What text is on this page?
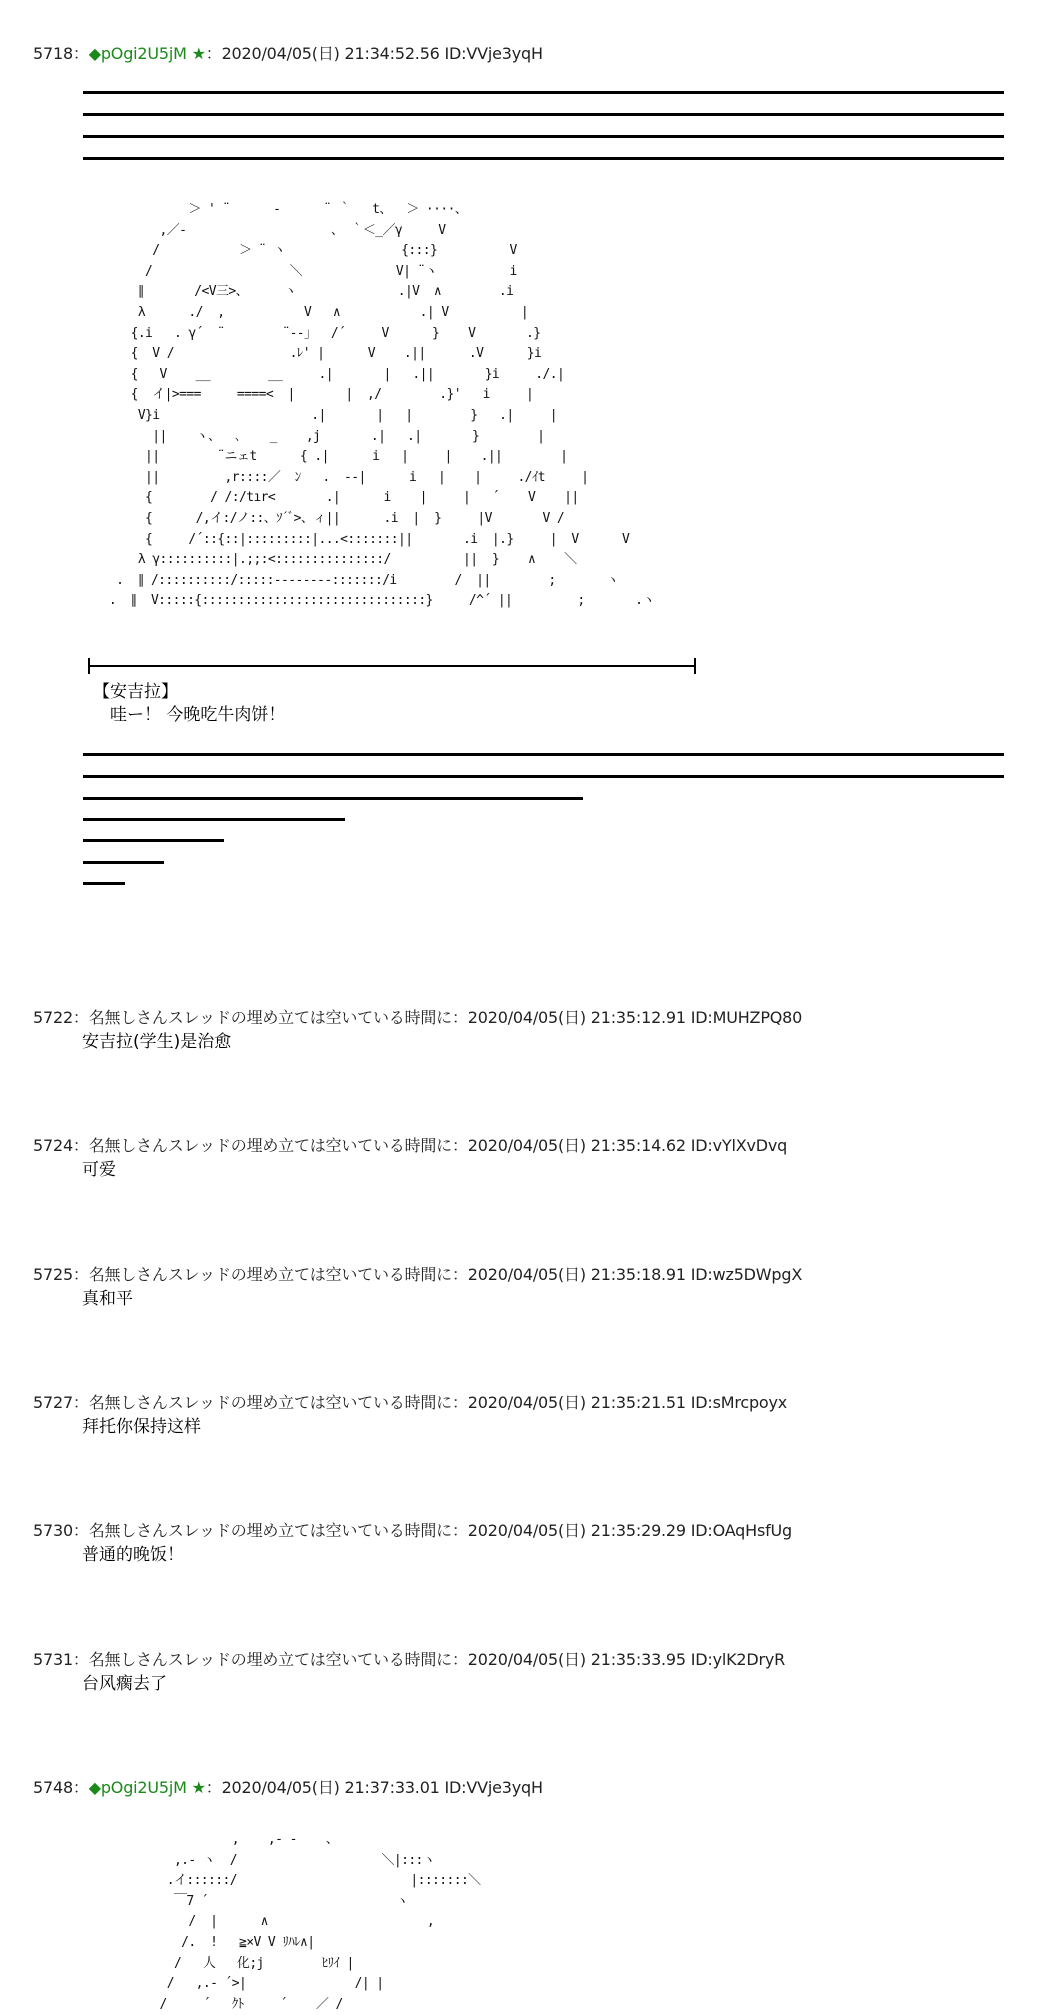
5718：◆pOgi2U5jM ★：2020/04/05(日) 21:34:52.56 ID:VVje3yqH
＞ ' ¨      ‐      ¨ ｀   t、  ＞ ····、
,／-                    、 ｀＜_／γ     V
/           ＞ ¨ ヽ                {:::}          V
/                   ＼             V| ¨ヽ          i
∥       /<V三>、     ヽ              .|V  ∧        .i
λ      ./  ,           V   ∧           .| V          |
{.i   . γ´  ¨        ¨‐-」  /´     V      }    V       .}
{  V /                .ﾚ' |      V    .||      .V      }i
{   V    __        __     .|       |   .||       }i     ./.|
{  イ|>===     ====<  |       |  ,/        .}'   i     |
V}i                     .|       |   |        }   .|     |
||    ヽ、  ､    _    ,j       .|   .|       }        |
||        ¨ニェt      { .|      i   |     |    .||        |
||         ,r::::／  ﾝ   .  ‐-|      i   |    |     ./ｲt     |
{        / /:/tır<       .|      i    |     |   ´    V    ||
{      /,イ:/ノ::、ｿ´ﾞ>、ィ||      .i  |  }     |V       V /
{     /´::{::|:::::::::|...<:::::::||       .i  |.}     |  V      V
λ γ::::::::::|.;;:<:::::::::::::::/          ||  }    ∧    ＼
.  ∥ /::::::::::/:::::----‐‐‐‐:::::::/i        /  ||        ;       ヽ
.  ∥  V:::::{:::::::::::::::::::::::::::::::}     /^´ ||         ;       .ヽ
【安吉拉】
哇ー！ 今晚吃牛肉饼！
5722：名無しさんスレッドの埋め立ては空いている時間に：2020/04/05(日) 21:35:12.91 ID:MUHZPQ80
安吉拉(学生)是治愈
5724：名無しさんスレッドの埋め立ては空いている時間に：2020/04/05(日) 21:35:14.62 ID:vYlXvDvq
可爱
5725：名無しさんスレッドの埋め立ては空いている時間に：2020/04/05(日) 21:35:18.91 ID:wz5DWpgX
真和平
5727：名無しさんスレッドの埋め立ては空いている時間に：2020/04/05(日) 21:35:21.51 ID:sMrcpoyx
拜托你保持这样
5730：名無しさんスレッドの埋め立ては空いている時間に：2020/04/05(日) 21:35:29.29 ID:OAqHsfUg
普通的晚饭！
5731：名無しさんスレッドの埋め立ては空いている時間に：2020/04/05(日) 21:35:33.95 ID:ylK2DryR
台风瘸去了
5748：◆pOgi2U5jM ★：2020/04/05(日) 21:37:33.01 ID:VVje3yqH
,    ,- ‐    、
,.- ヽ  /                    ＼|:::ヽ
.イ::::::/                        |:::::::＼
￣7 ´                          ヽ
/  |      ∧                      ,
/.  !   ≧×V V ﾘﾊﾚ∧|
/   人   化;j        ﾋﾘｲ |
/   ,.- ´>|               /| |
/     ´   ｸﾄ     ´    ／ /
